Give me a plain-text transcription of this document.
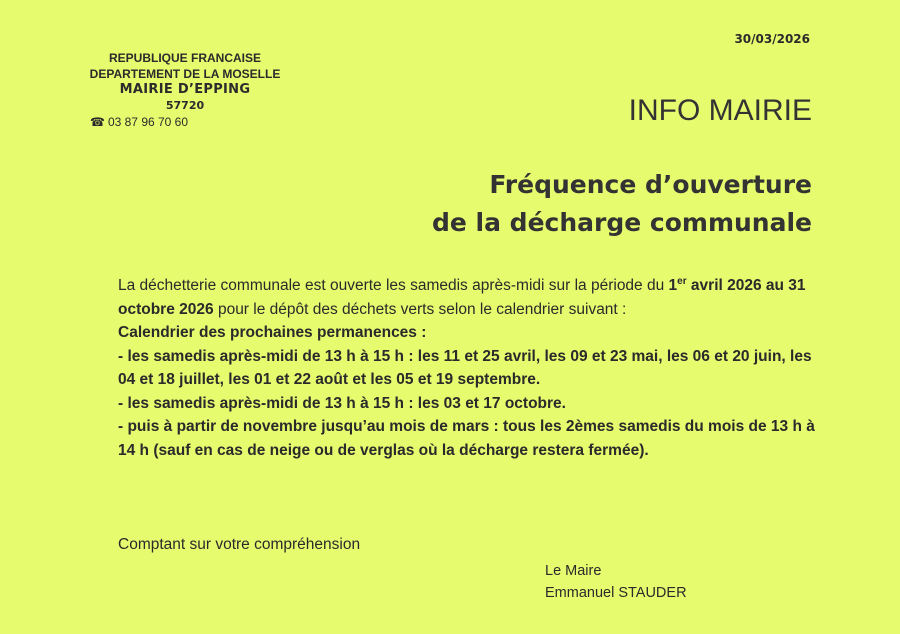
REPUBLIQUE FRANCAISE
DEPARTEMENT DE LA MOSELLE
MAIRIE D’EPPING
57720
☎ 03 87 96 70 60
30/03/2026
INFO MAIRIE
Fréquence d’ouverture
de la décharge communale

La déchetterie communale est ouverte les samedis après-midi sur la période du 1er avril 2026 au 31 octobre 2026 pour le dépôt des déchets verts selon le calendrier suivant :

Calendrier des prochaines permanences :

- les samedis après-midi de 13 h à 15 h : les 11 et 25 avril, les 09 et 23 mai, les 06 et 20 juin, les 04 et 18 juillet, les 01 et 22 août et les 05 et 19 septembre.

- les samedis après-midi de 13 h à 15 h : les 03 et 17 octobre.

- puis à partir de novembre jusqu’au mois de mars : tous les 2èmes samedis du mois de 13 h à 14 h (sauf en cas de neige ou de verglas où la décharge restera fermée).

Comptant sur votre compréhension
Le Maire
Emmanuel STAUDER
